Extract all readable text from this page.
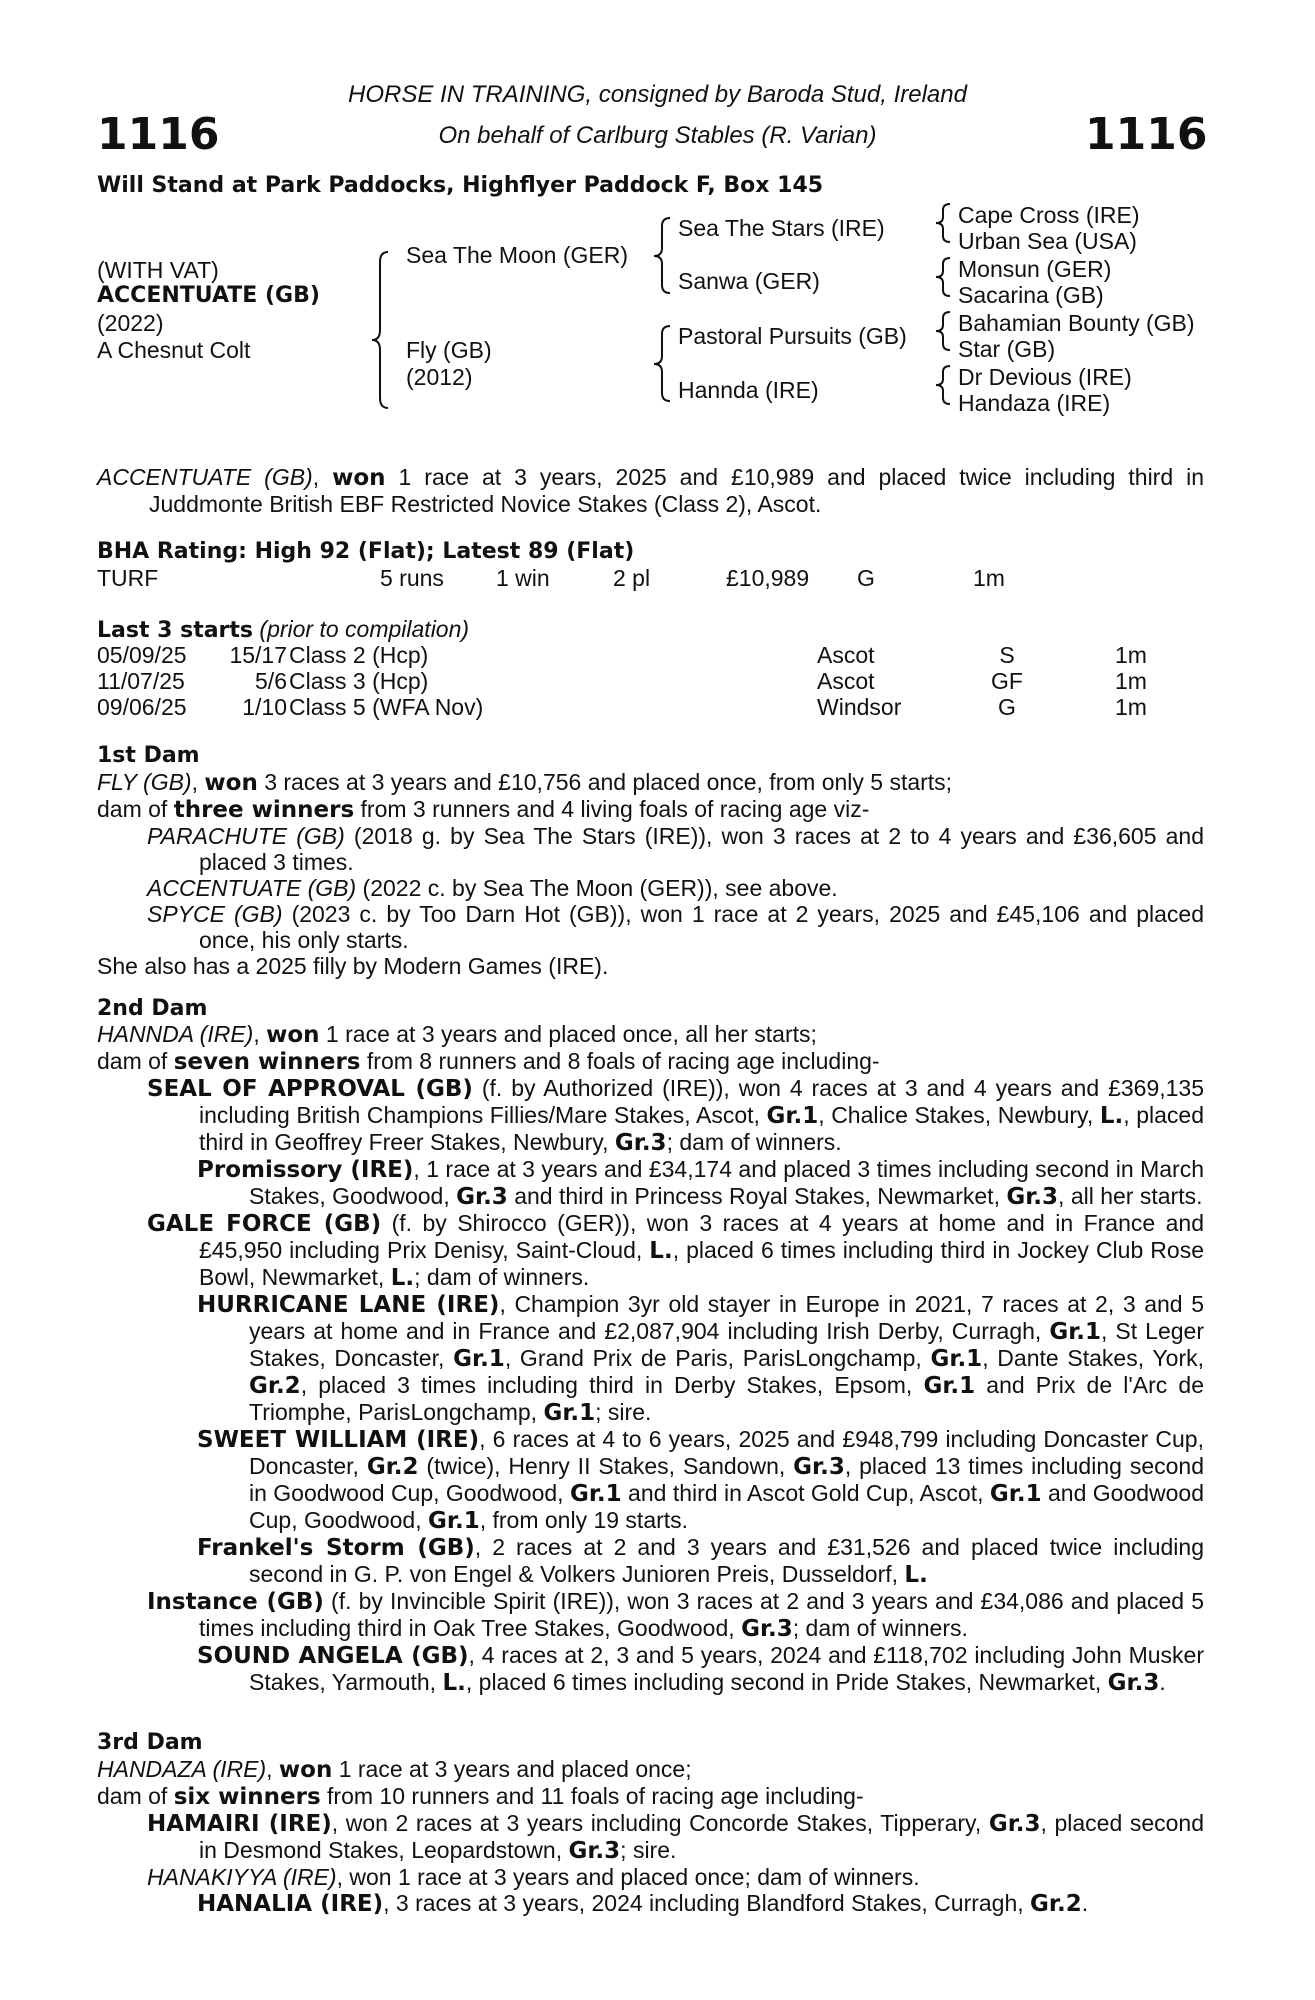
1116	1116
HORSE IN TRAINING, consigned by Baroda Stud, Ireland
On behalf of Carlburg Stables (R. Varian)
Will Stand at Park Paddocks, Highflyer Paddock F, Box 145
(WITH VAT)
ACCENTUATE (GB)
(2022)
A Chesnut Colt
Sea The Moon (GER)
Fly (GB)
(2012)
Sea The Stars (IRE)
Sanwa (GER)
Pastoral Pursuits (GB)
Hannda (IRE)
Cape Cross (IRE)
Urban Sea (USA)
Monsun (GER)
Sacarina (GB)
Bahamian Bounty (GB)
Star (GB)
Dr Devious (IRE)
Handaza (IRE)

ACCENTUATE (GB), won 1 race at 3 years, 2025 and £10,989 and placed twice including third in Juddmonte British EBF Restricted Novice Stakes (Class 2), Ascot.

BHA Rating: High 92 (Flat); Latest 89 (Flat)
TURF	5 runs 1 win	2 pl	£10,989 G	1m
Last 3 starts (prior to compilation)
05/09/25	15/17 Class 2 (Hcp)	Ascot	S	1m
11/07/25	5/6 Class 3 (Hcp)	Ascot	GF	1m
09/06/25	1/10 Class 5 (WFA Nov)	Windsor	G	1m
1st Dam

FLY (GB), won 3 races at 3 years and £10,756 and placed once, from only 5 starts;

dam of three winners from 3 runners and 4 living foals of racing age viz-

PARACHUTE (GB) (2018 g. by Sea The Stars (IRE)), won 3 races at 2 to 4 years and £36,605 and placed 3 times.

ACCENTUATE (GB) (2022 c. by Sea The Moon (GER)), see above.

SPYCE (GB) (2023 c. by Too Darn Hot (GB)), won 1 race at 2 years, 2025 and £45,106 and placed once, his only starts.

She also has a 2025 filly by Modern Games (IRE).

2nd Dam

HANNDA (IRE), won 1 race at 3 years and placed once, all her starts;

dam of seven winners from 8 runners and 8 foals of racing age including-

SEAL OF APPROVAL (GB) (f. by Authorized (IRE)), won 4 races at 3 and 4 years and £369,135 including British Champions Fillies/Mare Stakes, Ascot, Gr.1, Chalice Stakes, Newbury, L., placed third in Geoffrey Freer Stakes, Newbury, Gr.3; dam of winners.

Promissory (IRE), 1 race at 3 years and £34,174 and placed 3 times including second in March Stakes, Goodwood, Gr.3 and third in Princess Royal Stakes, Newmarket, Gr.3, all her starts.

GALE FORCE (GB) (f. by Shirocco (GER)), won 3 races at 4 years at home and in France and £45,950 including Prix Denisy, Saint-Cloud, L., placed 6 times including third in Jockey Club Rose Bowl, Newmarket, L.; dam of winners.

HURRICANE LANE (IRE), Champion 3yr old stayer in Europe in 2021, 7 races at 2, 3 and 5 years at home and in France and £2,087,904 including Irish Derby, Curragh, Gr.1, St Leger Stakes, Doncaster, Gr.1, Grand Prix de Paris, ParisLongchamp, Gr.1, Dante Stakes, York, Gr.2, placed 3 times including third in Derby Stakes, Epsom, Gr.1 and Prix de l'Arc de Triomphe, ParisLongchamp, Gr.1; sire.

SWEET WILLIAM (IRE), 6 races at 4 to 6 years, 2025 and £948,799 including Doncaster Cup, Doncaster, Gr.2 (twice), Henry II Stakes, Sandown, Gr.3, placed 13 times including second in Goodwood Cup, Goodwood, Gr.1 and third in Ascot Gold Cup, Ascot, Gr.1 and Goodwood Cup, Goodwood, Gr.1, from only 19 starts.

Frankel's Storm (GB), 2 races at 2 and 3 years and £31,526 and placed twice including second in G. P. von Engel & Volkers Junioren Preis, Dusseldorf, L.

Instance (GB) (f. by Invincible Spirit (IRE)), won 3 races at 2 and 3 years and £34,086 and placed 5 times including third in Oak Tree Stakes, Goodwood, Gr.3; dam of winners.

SOUND ANGELA (GB), 4 races at 2, 3 and 5 years, 2024 and £118,702 including John Musker Stakes, Yarmouth, L., placed 6 times including second in Pride Stakes, Newmarket, Gr.3.

3rd Dam

HANDAZA (IRE), won 1 race at 3 years and placed once;

dam of six winners from 10 runners and 11 foals of racing age including-

HAMAIRI (IRE), won 2 races at 3 years including Concorde Stakes, Tipperary, Gr.3, placed second in Desmond Stakes, Leopardstown, Gr.3; sire.

HANAKIYYA (IRE), won 1 race at 3 years and placed once; dam of winners.

HANALIA (IRE), 3 races at 3 years, 2024 including Blandford Stakes, Curragh, Gr.2.
